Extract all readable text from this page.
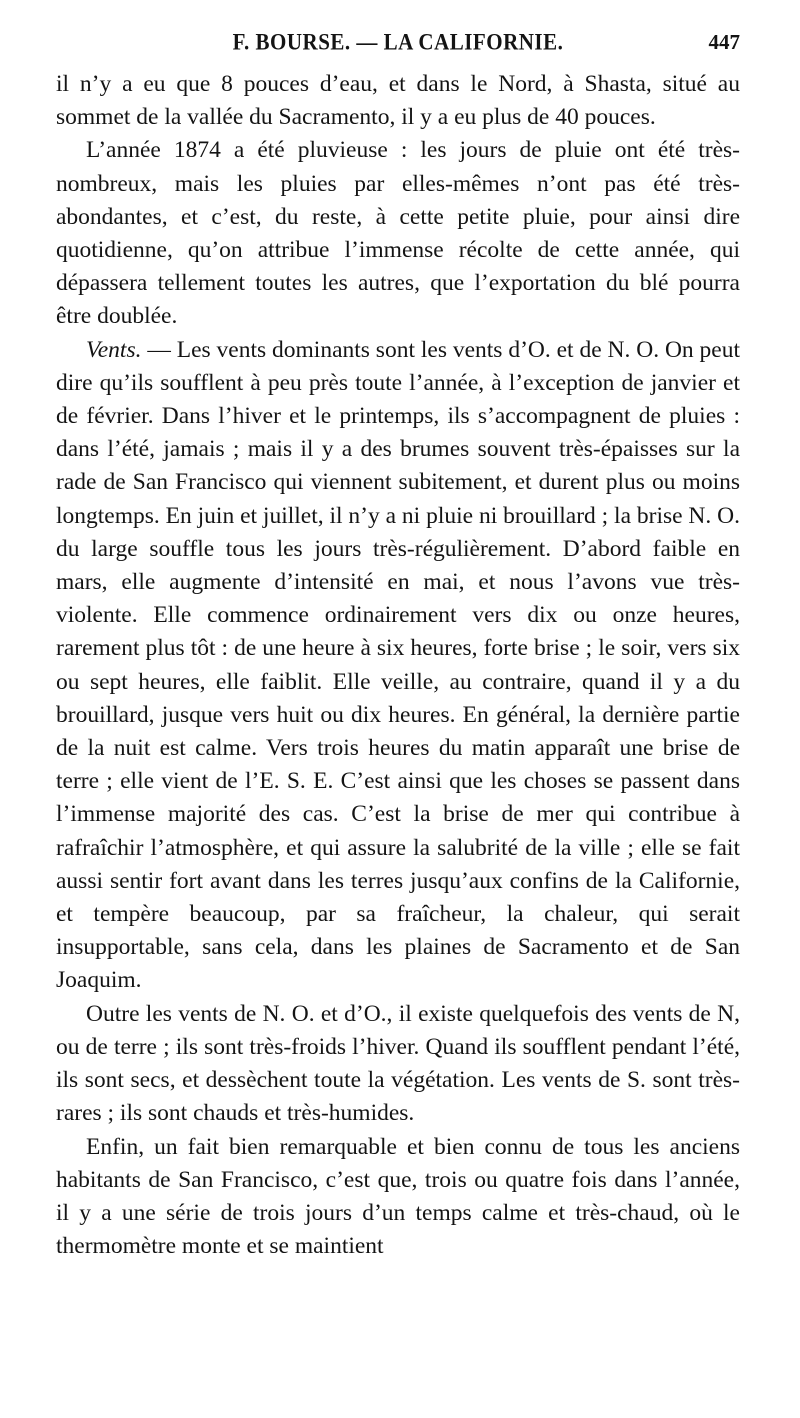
F. BOURSE. — LA CALIFORNIE.	447

il n’y a eu que 8 pouces d’eau, et dans le Nord, à Shasta, situé au sommet de la vallée du Sacramento, il y a eu plus de 40 pouces.

L’année 1874 a été pluvieuse : les jours de pluie ont été très-nombreux, mais les pluies par elles-mêmes n’ont pas été très-abondantes, et c’est, du reste, à cette petite pluie, pour ainsi dire quotidienne, qu’on attribue l’immense récolte de cette année, qui dépassera tellement toutes les autres, que l’exportation du blé pourra être doublée.

Vents. — Les vents dominants sont les vents d’O. et de N. O. On peut dire qu’ils soufflent à peu près toute l’année, à l’exception de janvier et de février. Dans l’hiver et le printemps, ils s’accompagnent de pluies : dans l’été, jamais ; mais il y a des brumes souvent très-épaisses sur la rade de San Francisco qui viennent subitement, et durent plus ou moins longtemps. En juin et juillet, il n’y a ni pluie ni brouillard ; la brise N. O. du large souffle tous les jours très-régulièrement. D’abord faible en mars, elle augmente d’intensité en mai, et nous l’avons vue très-violente. Elle commence ordinairement vers dix ou onze heures, rarement plus tôt : de une heure à six heures, forte brise ; le soir, vers six ou sept heures, elle faiblit. Elle veille, au contraire, quand il y a du brouillard, jusque vers huit ou dix heures. En général, la dernière partie de la nuit est calme. Vers trois heures du matin apparaît une brise de terre ; elle vient de l’E. S. E. C’est ainsi que les choses se passent dans l’immense majorité des cas. C’est la brise de mer qui contribue à rafraîchir l’atmosphère, et qui assure la salubrité de la ville ; elle se fait aussi sentir fort avant dans les terres jusqu’aux confins de la Californie, et tempère beaucoup, par sa fraîcheur, la chaleur, qui serait insupportable, sans cela, dans les plaines de Sacramento et de San Joaquim.

Outre les vents de N. O. et d’O., il existe quelquefois des vents de N, ou de terre ; ils sont très-froids l’hiver. Quand ils soufflent pendant l’été, ils sont secs, et dessèchent toute la végétation. Les vents de S. sont très-rares ; ils sont chauds et très-humides.

Enfin, un fait bien remarquable et bien connu de tous les anciens habitants de San Francisco, c’est que, trois ou quatre fois dans l’année, il y a une série de trois jours d’un temps calme et très-chaud, où le thermomètre monte et se maintient
